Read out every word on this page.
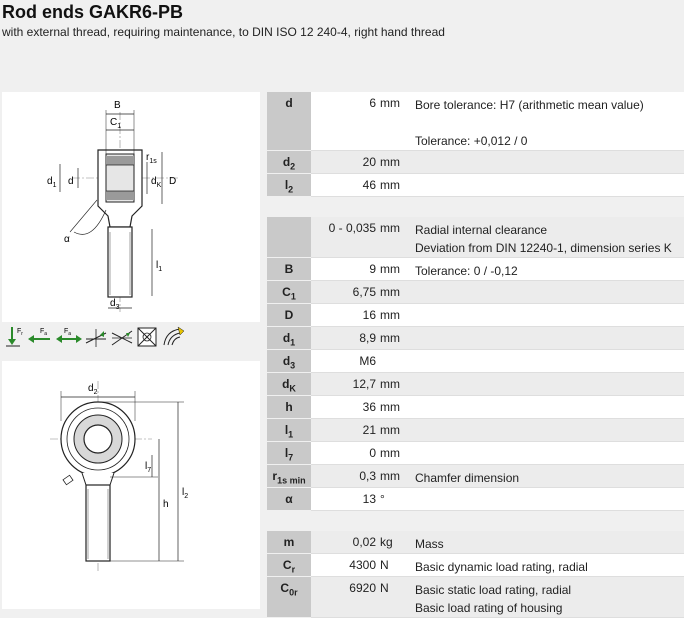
Rod ends GAKR6-PB
with external thread, requiring maintenance, to DIN ISO 12 240-4, right hand thread
B
$C_1$
$r_{1s}$
$d_1$ d	$d_K$ D
α
$l_1$
$d_3$
$F_r$ $F_a$ $F_a$
$d_2$
$l_7$
h
$l_2$
d	6 mm	Bore tolerance: H7 (arithmetic mean value)

Tolerance: +0,012 / 0

$d_2$	20 mm	

$l_2$	46 mm	

	0 - 0,035 mm	Radial internal clearance
Deviation from DIN 12240-1, dimension series K

B	9 mm	Tolerance: 0 / -0,12

$C_1$	6,75 mm	

D	16 mm	

$d_1$	8,9 mm	

$d_3$	M6	

$d_K$	12,7 mm	

h	36 mm	

$l_1$	21 mm	

$l_7$	0 mm	

$r_{1s min}$	0,3 mm	Chamfer dimension

α	13 °	

m	0,02 kg	Mass

$C_r$	4300 N	Basic dynamic load rating, radial

$C_{0r}$	6920 N	Basic static load rating, radial
Basic load rating of housing
